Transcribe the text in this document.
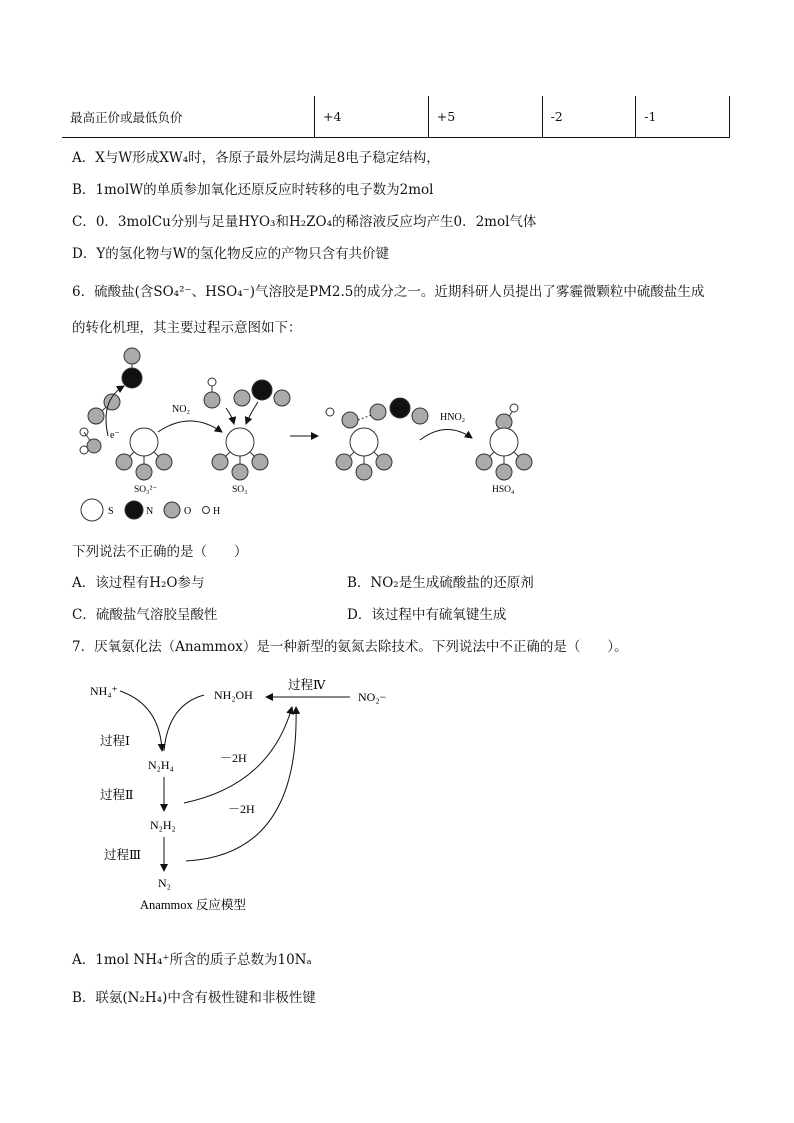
最高正价或最低负价	+4	+5	-2	-1
A．X与W形成XW₄时，各原子最外层均满足8电子稳定结构，
B．1molW的单质参加氧化还原反应时转移的电子数为2mol
C．0．3molCu分别与足量HYO₃和H₂ZO₄的稀溶液反应均产生0．2mol气体
D．Y的氢化物与W的氢化物反应的产物只含有共价键
6．硫酸盐(含SO₄²⁻、HSO₄⁻)气溶胶是PM2.5的成分之一。近期科研人员提出了雾霾微颗粒中硫酸盐生成
的转化机理，其主要过程示意图如下：
e⁻
NO₂
HNO₂
SO₃²⁻	SO₃	HSO₄
S	N	O H
下列说法不正确的是（　　）
A．该过程有H₂O参与	B．NO₂是生成硫酸盐的还原剂
C．硫酸盐气溶胶呈酸性	D．该过程中有硫氧键生成
7．厌氧氨化法（Anammox）是一种新型的氨氮去除技术。下列说法中不正确的是（　　）。
NH₄⁺	NH₂OH
过程Ⅳ
NO₂−
过程Ⅰ
N₂H₄	－2H
过程Ⅱ
－2H
N₂H₂
过程Ⅲ
N₂
Anammox 反应模型
A．1mol NH₄⁺所含的质子总数为10Nₐ
B．联氨(N₂H₄)中含有极性键和非极性键
